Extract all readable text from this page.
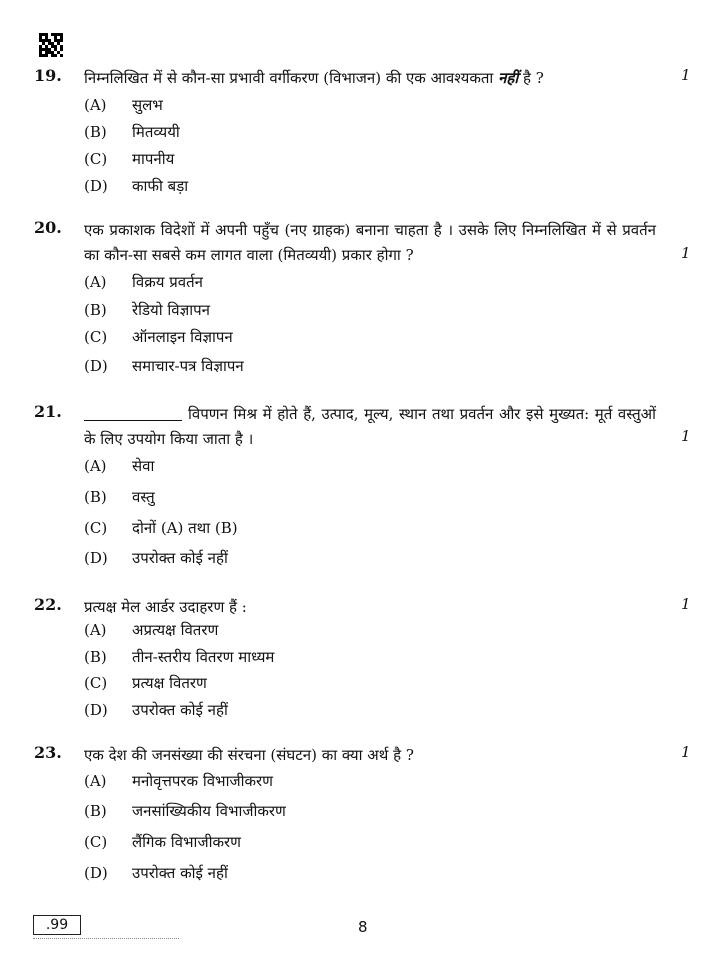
19. निम्नलिखित में से कौन-सा प्रभावी वर्गीकरण (विभाजन) की एक आवश्यकता नहीं है ?	1
(A) सुलभ
(B) मितव्ययी
(C) मापनीय
(D) काफी बड़ा
20. एक प्रकाशक विदेशों में अपनी पहुँच (नए ग्राहक) बनाना चाहता है । उसके लिए निम्नलिखित में से प्रवर्तन का कौन-सा सबसे कम लागत वाला (मितव्ययी) प्रकार होगा ?	1
(A) विक्रय प्रवर्तन
(B) रेडियो विज्ञापन
(C) ऑनलाइन विज्ञापन
(D) समाचार-पत्र विज्ञापन
21.	विपणन मिश्र में होते हैं, उत्पाद, मूल्य, स्थान तथा प्रवर्तन और इसे मुख्यत: मूर्त वस्तुओं के लिए उपयोग किया जाता है ।	1
(A) सेवा
(B) वस्तु
(C) दोनों (A) तथा (B)
(D) उपरोक्त कोई नहीं
22. प्रत्यक्ष मेल आर्डर उदाहरण हैं :	1
(A) अप्रत्यक्ष वितरण
(B) तीन-स्तरीय वितरण माध्यम
(C) प्रत्यक्ष वितरण
(D) उपरोक्त कोई नहीं
23. एक देश की जनसंख्या की संरचना (संघटन) का क्या अर्थ है ?	1
(A) मनोवृत्तपरक विभाजीकरण
(B) जनसांख्यिकीय विभाजीकरण
(C) लैंगिक विभाजीकरण
(D) उपरोक्त कोई नहीं
.99	8
